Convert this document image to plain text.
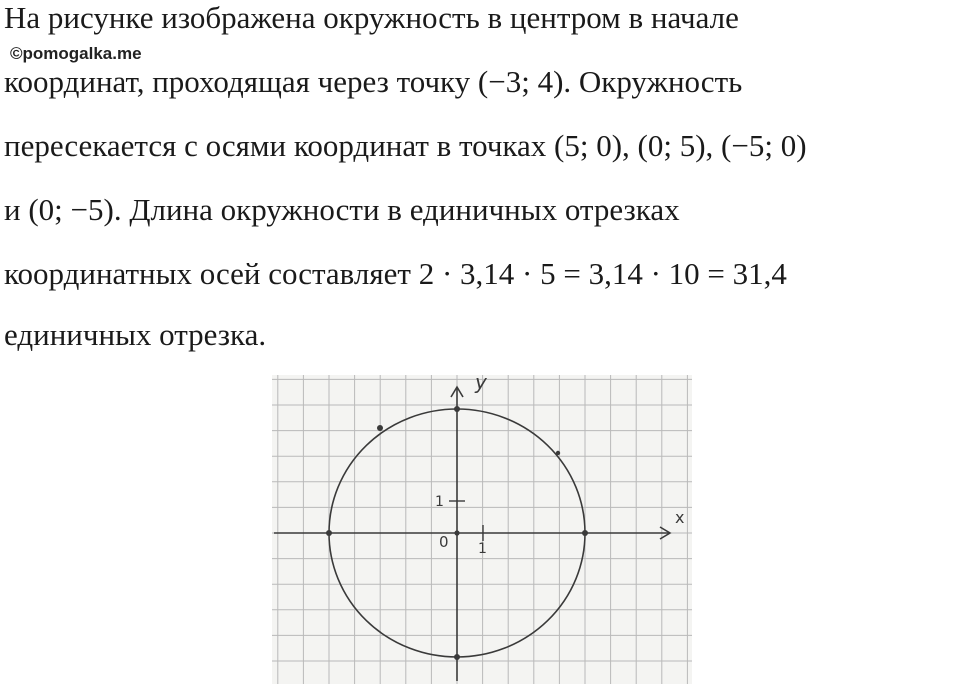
На рисунке изображена окружность в центром в начале
координат, проходящая через точку (−3; 4). Окружность
пересекается с осями координат в точках (5; 0), (0; 5), (−5; 0)
и (0; −5). Длина окружности в единичных отрезках
координатных осей составляет 2 · 3,14 · 5 = 3,14 · 10 = 31,4
единичных отрезка.
©pomogalka.me
x
y
0 1
1
